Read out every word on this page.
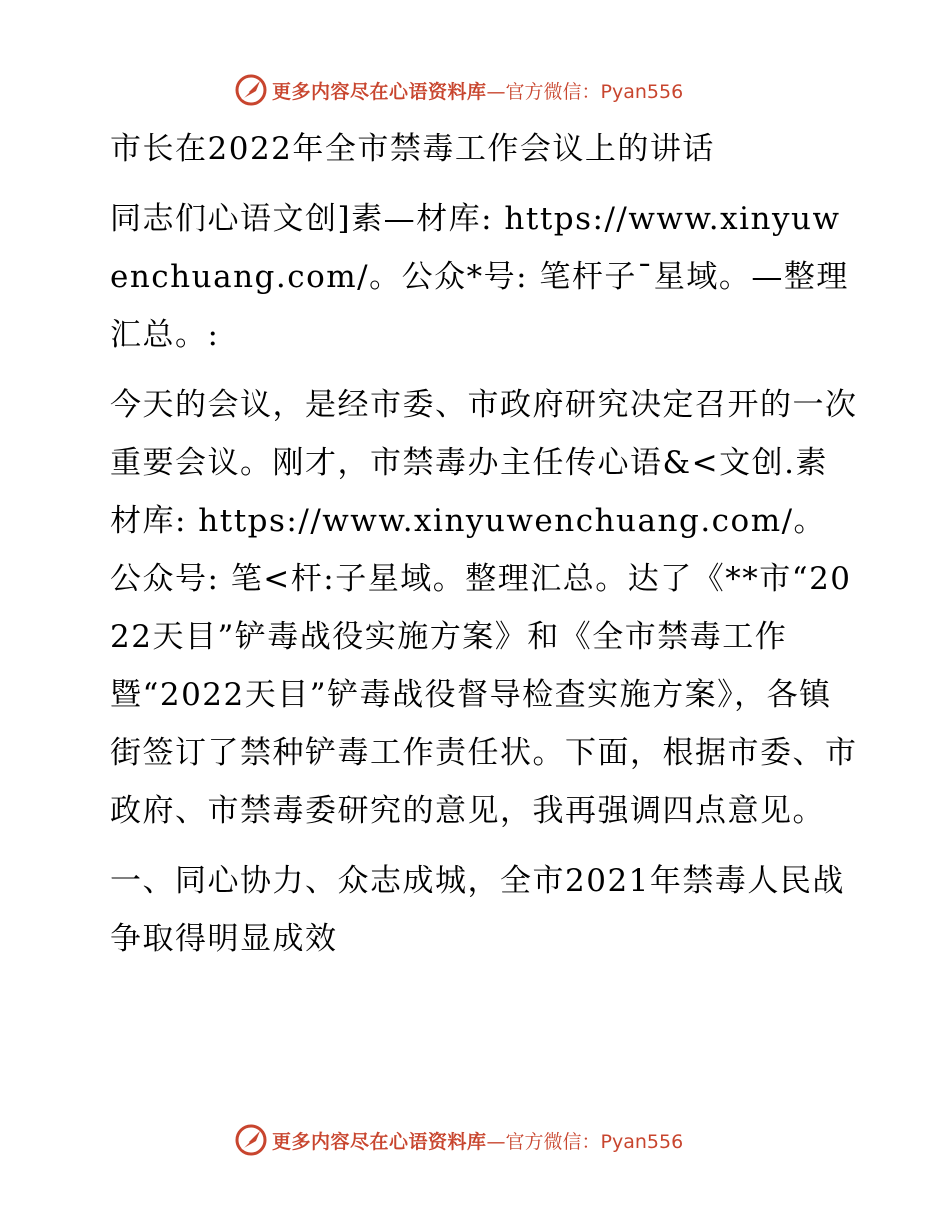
更多内容尽在心语资料库 —官方微信：Pyan556

市长在2022年全市禁毒工作会议上的讲话

同志们心语文创]素—材库: https://www.xinyuwenchuang.com/。公众*号: 笔杆子¯星域。—整理汇总。:

今天的会议，是经市委、市政府研究决定召开的一次重要会议。刚才，市禁毒办主任传心语&<文创.素材库: https://www.xinyuwenchuang.com/。公众号: 笔<杆:子星域。整理汇总。达了《**市“2022天目”铲毒战役实施方案》和《全市禁毒工作暨“2022天目”铲毒战役督导检查实施方案》，各镇街签订了禁种铲毒工作责任状。下面，根据市委、市政府、市禁毒委研究的意见，我再强调四点意见。

一、同心协力、众志成城，全市2021年禁毒人民战争取得明显成效

更多内容尽在心语资料库 —官方微信：Pyan556
